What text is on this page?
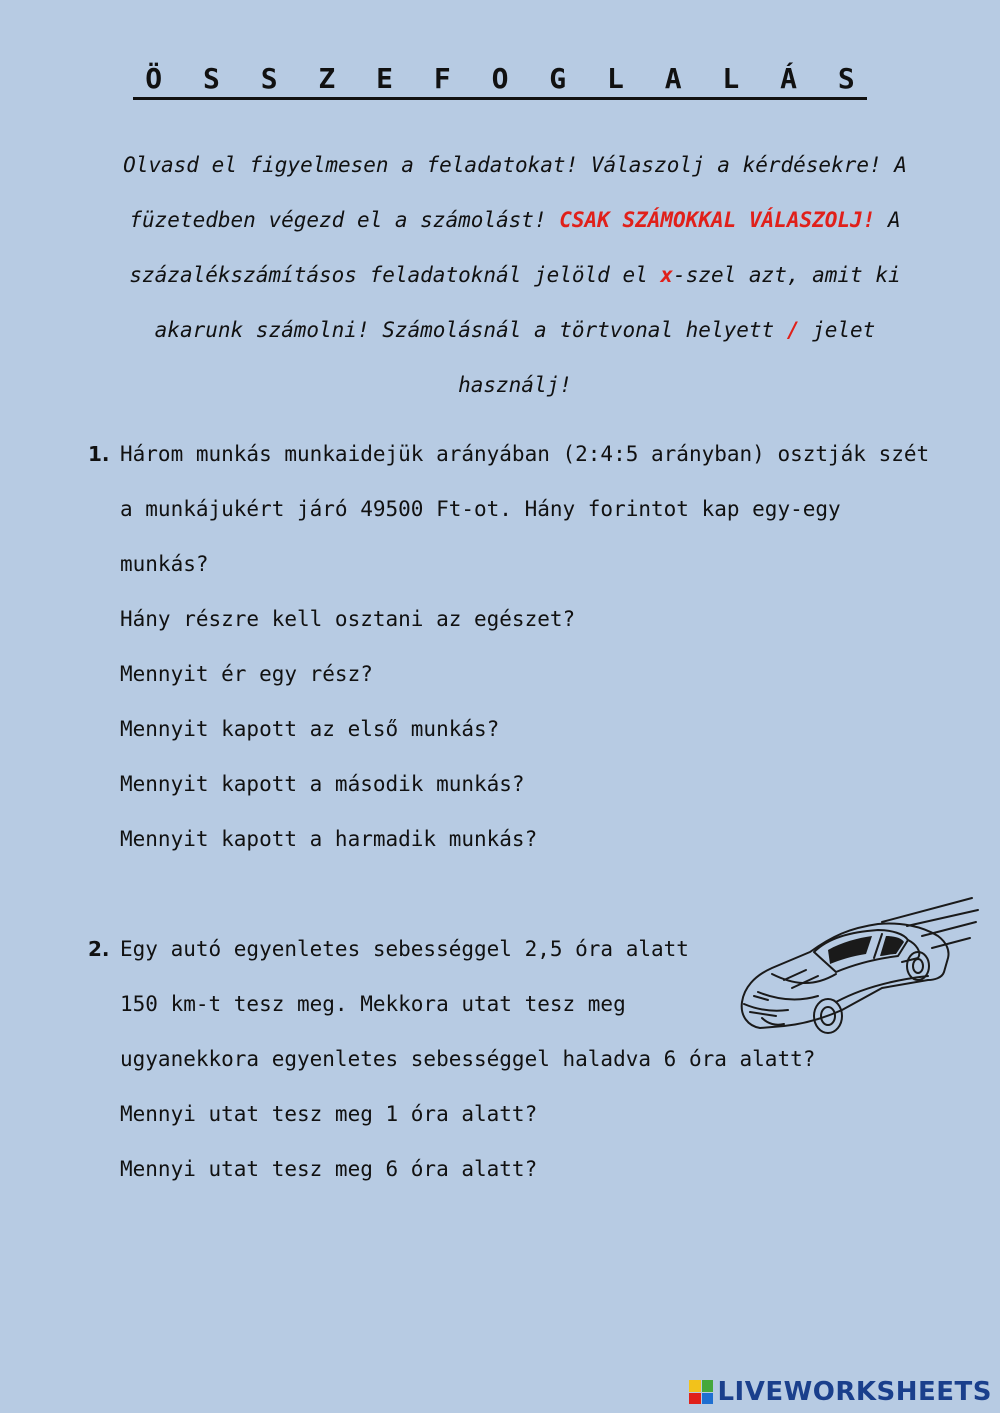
Ö S S Z E F O G L A L Á S
Olvasd el figyelmesen a feladatokat! Válaszolj a kérdésekre! A füzetedben végezd el a számolást! CSAK SZÁMOKKAL VÁLASZOLJ! A százalékszámításos feladatoknál jelöld el x-szel azt, amit ki akarunk számolni! Számolásnál a törtvonal helyett / jelet használj!
1. Három munkás munkaidejük arányában (2:4:5 arányban) osztják szét a munkájukért járó 49500 Ft-ot. Hány forintot kap egy-egy munkás?
Hány részre kell osztani az egészet?
Mennyit ér egy rész?
Mennyit kapott az első munkás?
Mennyit kapott a második munkás?
Mennyit kapott a harmadik munkás?
2. Egy autó egyenletes sebességgel 2,5 óra alatt
150 km-t tesz meg. Mekkora utat tesz meg
ugyanekkora egyenletes sebességgel haladva 6 óra alatt?
Mennyi utat tesz meg 1 óra alatt?
Mennyi utat tesz meg 6 óra alatt?
LIVEWORKSHEETS
